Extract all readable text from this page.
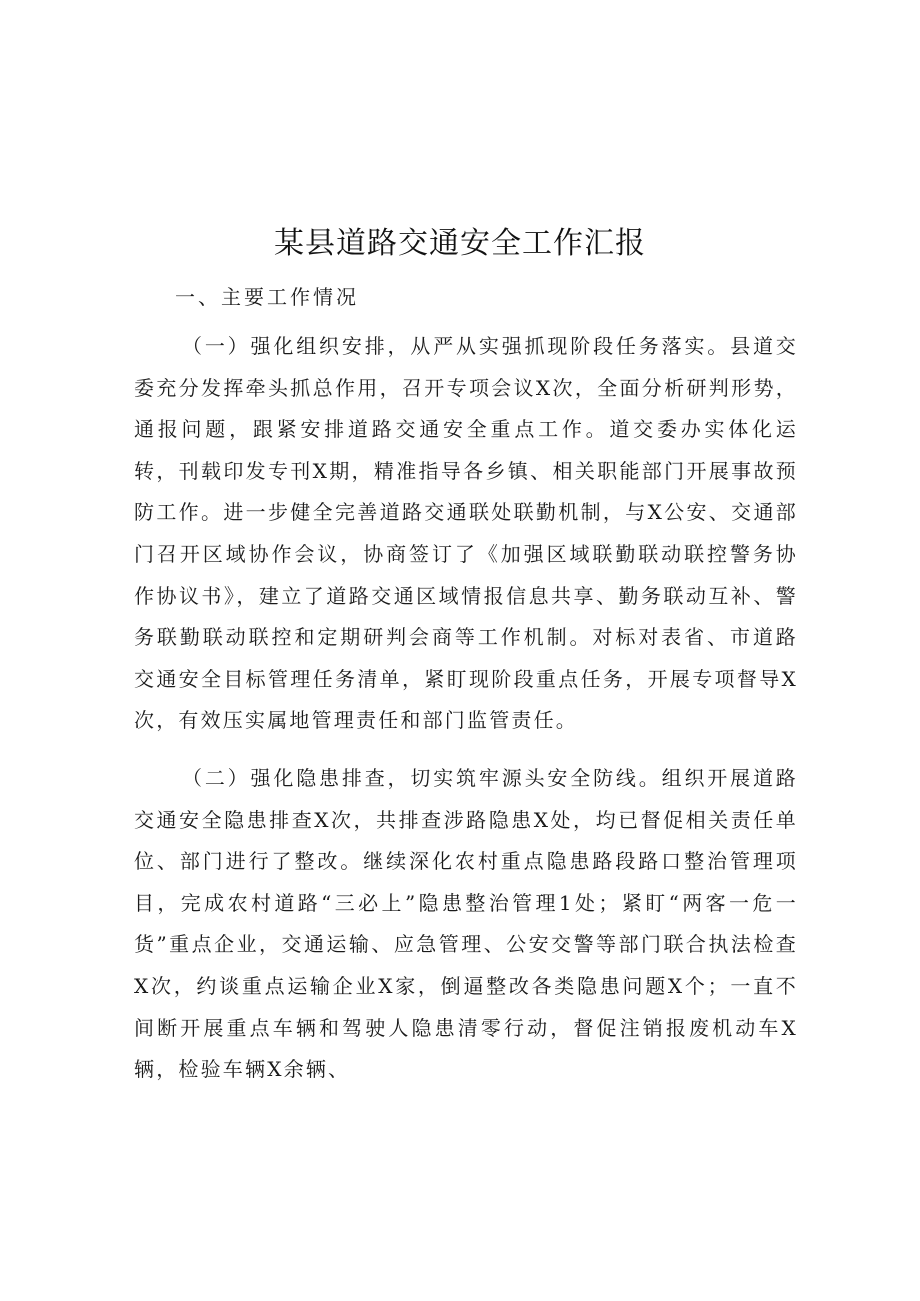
某县道路交通安全工作汇报
一、主要工作情况

（一）强化组织安排，从严从实强抓现阶段任务落实。县道交委充分发挥牵头抓总作用，召开专项会议X次，全面分析研判形势，通报问题，跟紧安排道路交通安全重点工作。道交委办实体化运转，刊载印发专刊X期，精准指导各乡镇、相关职能部门开展事故预防工作。进一步健全完善道路交通联处联勤机制，与X公安、交通部门召开区域协作会议，协商签订了《加强区域联勤联动联控警务协作协议书》，建立了道路交通区域情报信息共享、勤务联动互补、警务联勤联动联控和定期研判会商等工作机制。对标对表省、市道路交通安全目标管理任务清单，紧盯现阶段重点任务，开展专项督导X次，有效压实属地管理责任和部门监管责任。

（二）强化隐患排查，切实筑牢源头安全防线。组织开展道路交通安全隐患排查X次，共排查涉路隐患X处，均已督促相关责任单位、部门进行了整改。继续深化农村重点隐患路段路口整治管理项目，完成农村道路“三必上”隐患整治管理1处；紧盯“两客一危一货”重点企业，交通运输、应急管理、公安交警等部门联合执法检查X次，约谈重点运输企业X家，倒逼整改各类隐患问题X个；一直不间断开展重点车辆和驾驶人隐患清零行动，督促注销报废机动车X辆，检验车辆X余辆、
